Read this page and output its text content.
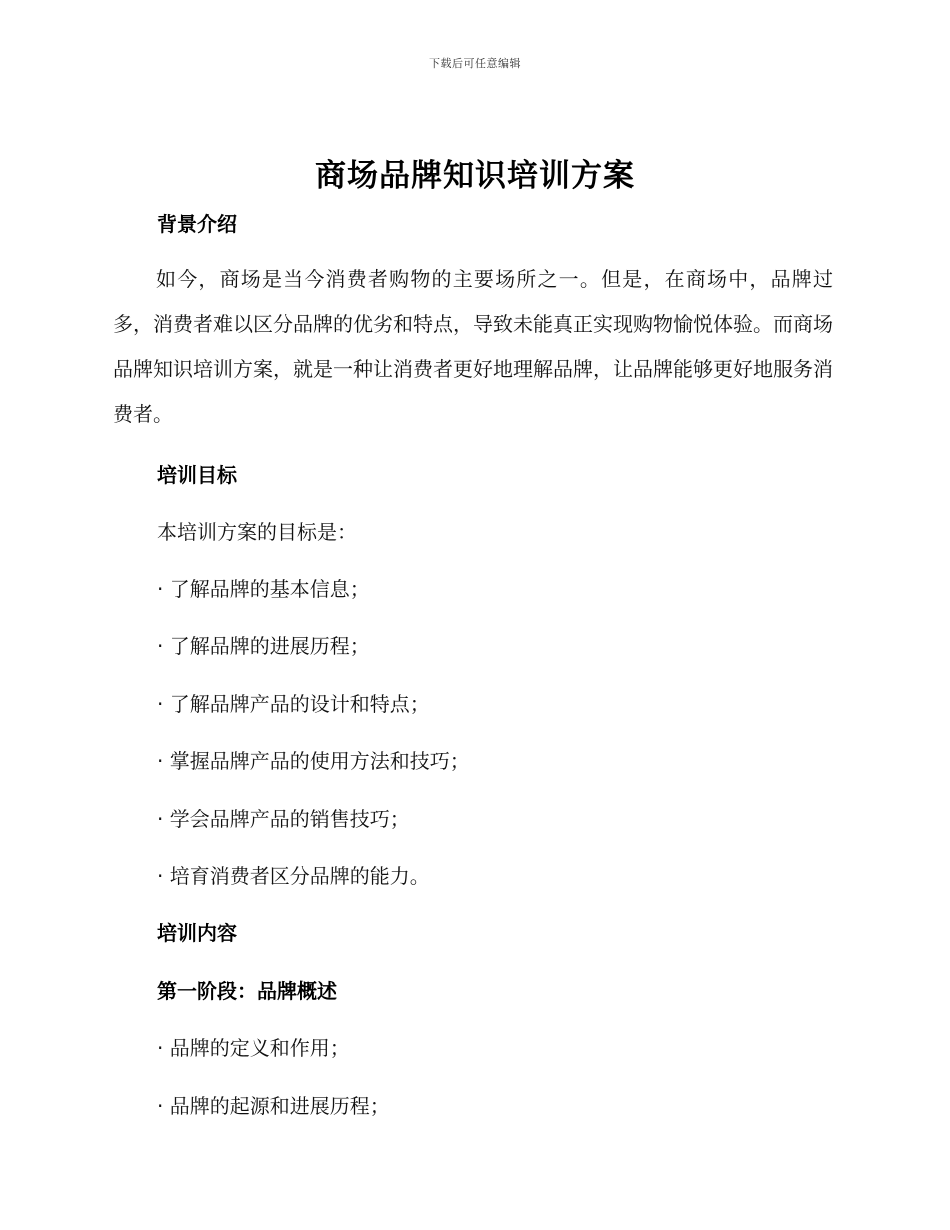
下载后可任意编辑
商场品牌知识培训方案
背景介绍
如今，商场是当今消费者购物的主要场所之一。但是，在商场中，品牌过多，消费者难以区分品牌的优劣和特点，导致未能真正实现购物愉悦体验。而商场品牌知识培训方案，就是一种让消费者更好地理解品牌，让品牌能够更好地服务消费者。
培训目标
本培训方案的目标是：
· 了解品牌的基本信息；
· 了解品牌的进展历程；
· 了解品牌产品的设计和特点；
· 掌握品牌产品的使用方法和技巧；
· 学会品牌产品的销售技巧；
· 培育消费者区分品牌的能力。
培训内容
第一阶段：品牌概述
· 品牌的定义和作用；
· 品牌的起源和进展历程；
